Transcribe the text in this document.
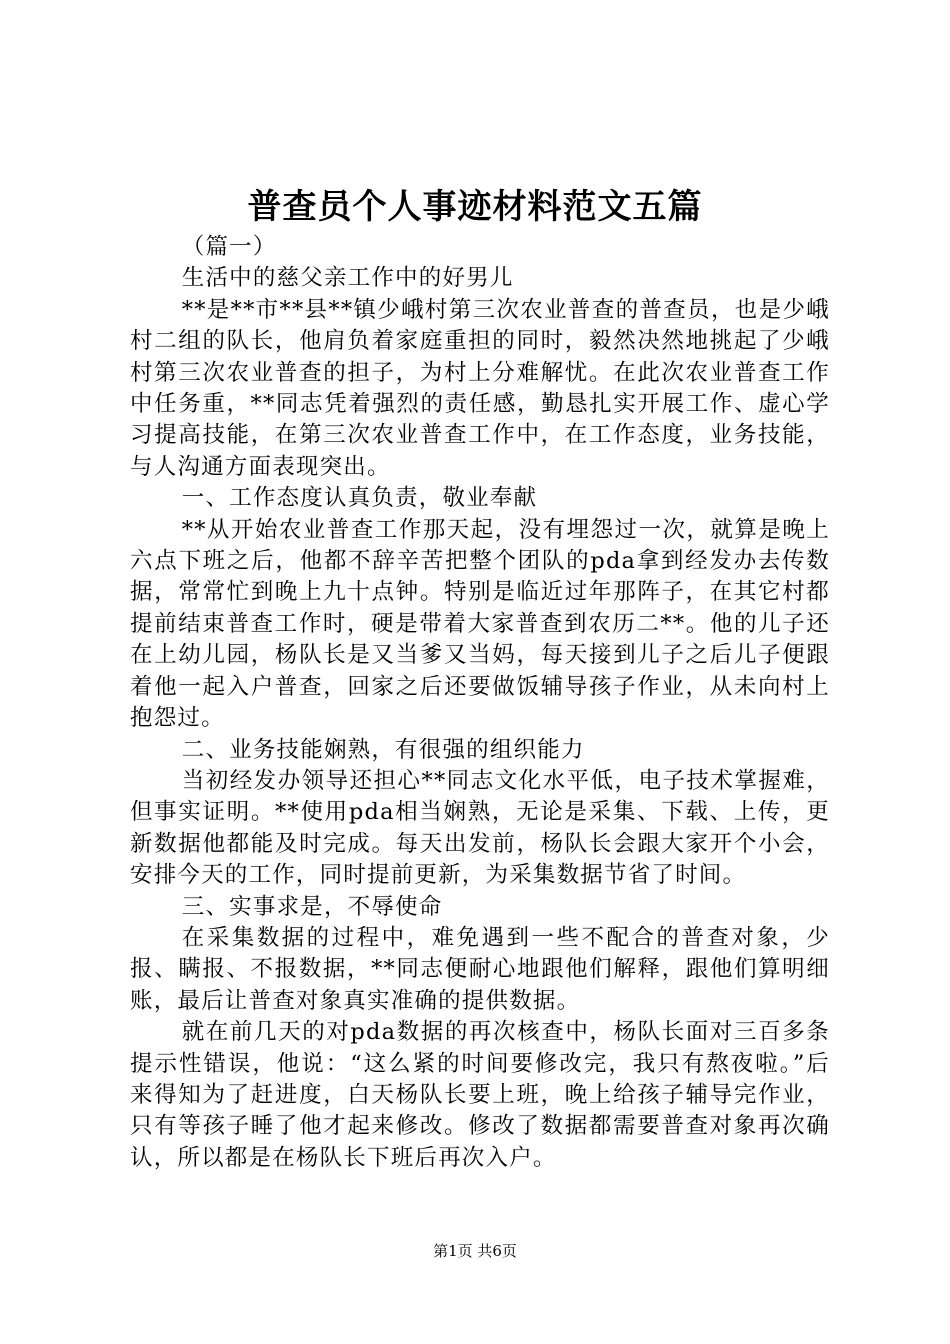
普查员个人事迹材料范文五篇

（篇一）

生活中的慈父亲工作中的好男儿

**是**市**县**镇少峨村第三次农业普查的普查员，也是少峨村二组的队长，他肩负着家庭重担的同时，毅然决然地挑起了少峨村第三次农业普查的担子，为村上分难解忧。在此次农业普查工作中任务重，**同志凭着强烈的责任感，勤恳扎实开展工作、虚心学习提高技能，在第三次农业普查工作中，在工作态度，业务技能，与人沟通方面表现突出。

一、工作态度认真负责，敬业奉献

**从开始农业普查工作那天起，没有埋怨过一次，就算是晚上六点下班之后，他都不辞辛苦把整个团队的pda拿到经发办去传数据，常常忙到晚上九十点钟。特别是临近过年那阵子，在其它村都提前结束普查工作时，硬是带着大家普查到农历二**。他的儿子还在上幼儿园，杨队长是又当爹又当妈，每天接到儿子之后儿子便跟着他一起入户普查，回家之后还要做饭辅导孩子作业，从未向村上抱怨过。

二、业务技能娴熟，有很强的组织能力

当初经发办领导还担心**同志文化水平低，电子技术掌握难，但事实证明。**使用pda相当娴熟，无论是采集、下载、上传，更新数据他都能及时完成。每天出发前，杨队长会跟大家开个小会，安排今天的工作，同时提前更新，为采集数据节省了时间。

三、实事求是，不辱使命

在采集数据的过程中，难免遇到一些不配合的普查对象，少报、瞒报、不报数据，**同志便耐心地跟他们解释，跟他们算明细账，最后让普查对象真实准确的提供数据。

就在前几天的对pda数据的再次核查中，杨队长面对三百多条提示性错误，他说：“这么紧的时间要修改完，我只有熬夜啦。”后来得知为了赶进度，白天杨队长要上班，晚上给孩子辅导完作业，只有等孩子睡了他才起来修改。修改了数据都需要普查对象再次确认，所以都是在杨队长下班后再次入户。

第1页 共6页
